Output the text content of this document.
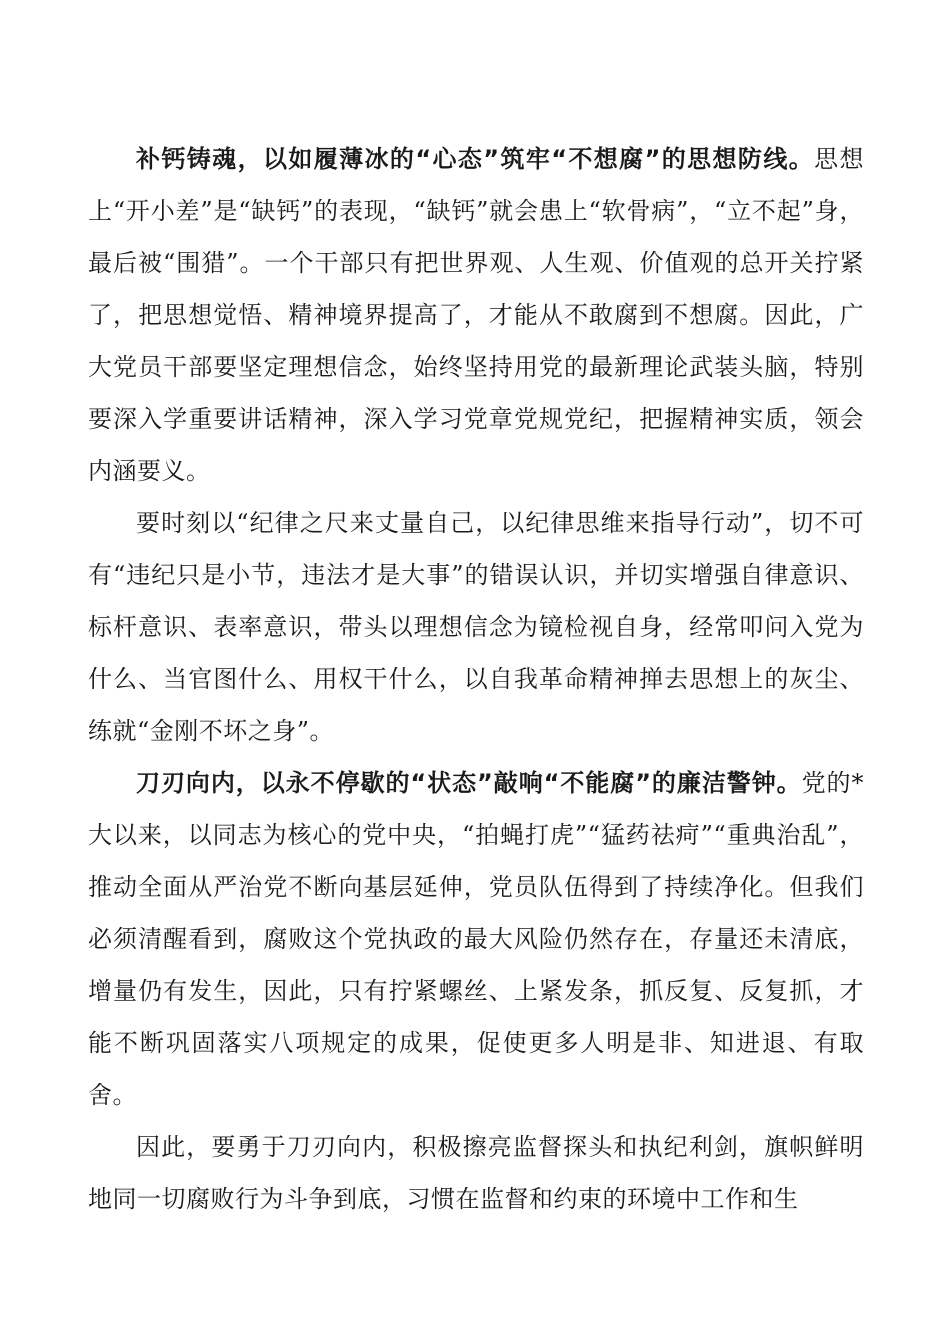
补钙铸魂，以如履薄冰的“心态”筑牢“不想腐”的思想防线。思想上“开小差”是“缺钙”的表现，“缺钙”就会患上“软骨病”，“立不起”身，最后被“围猎”。一个干部只有把世界观、人生观、价值观的总开关拧紧了，把思想觉悟、精神境界提高了，才能从不敢腐到不想腐。因此，广大党员干部要坚定理想信念，始终坚持用党的最新理论武装头脑，特别要深入学重要讲话精神，深入学习党章党规党纪，把握精神实质，领会内涵要义。

要时刻以“纪律之尺来丈量自己，以纪律思维来指导行动”，切不可有“违纪只是小节，违法才是大事”的错误认识，并切实增强自律意识、标杆意识、表率意识，带头以理想信念为镜检视自身，经常叩问入党为什么、当官图什么、用权干什么，以自我革命精神掸去思想上的灰尘、练就“金刚不坏之身”。

刀刃向内，以永不停歇的“状态”敲响“不能腐”的廉洁警钟。党的*大以来，以同志为核心的党中央，“拍蝇打虎”“猛药祛疴”“重典治乱”，推动全面从严治党不断向基层延伸，党员队伍得到了持续净化。但我们必须清醒看到，腐败这个党执政的最大风险仍然存在，存量还未清底，增量仍有发生，因此，只有拧紧螺丝、上紧发条，抓反复、反复抓，才能不断巩固落实八项规定的成果，促使更多人明是非、知进退、有取舍。

因此，要勇于刀刃向内，积极擦亮监督探头和执纪利剑，旗帜鲜明地同一切腐败行为斗争到底，习惯在监督和约束的环境中工作和生
